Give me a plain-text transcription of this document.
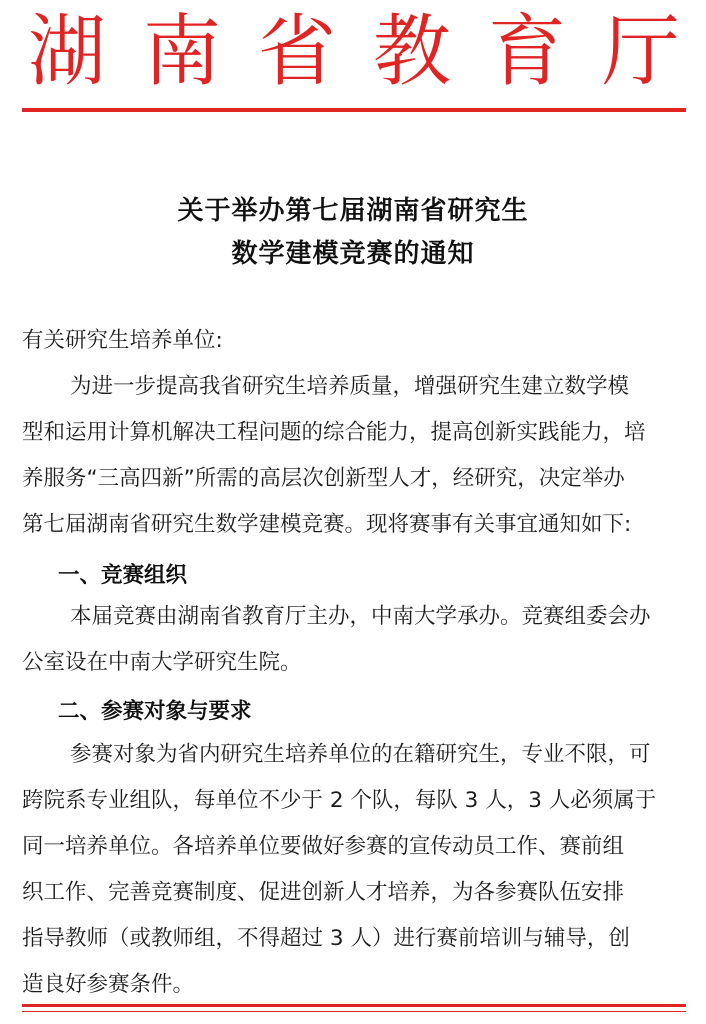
湖 南 省 教 育 厅
关于举办第七届湖南省研究生
数学建模竞赛的通知
有关研究生培养单位:
为进一步提高我省研究生培养质量，增强研究生建立数学模
型和运用计算机解决工程问题的综合能力，提高创新实践能力，培
养服务“三高四新”所需的高层次创新型人才，经研究，决定举办
第七届湖南省研究生数学建模竞赛。现将赛事有关事宜通知如下:
一、竞赛组织
本届竞赛由湖南省教育厅主办，中南大学承办。竞赛组委会办
公室设在中南大学研究生院。
二、参赛对象与要求
参赛对象为省内研究生培养单位的在籍研究生，专业不限，可
跨院系专业组队，每单位不少于 2 个队，每队 3 人，3 人必须属于
同一培养单位。各培养单位要做好参赛的宣传动员工作、赛前组
织工作、完善竞赛制度、促进创新人才培养，为各参赛队伍安排
指导教师（或教师组，不得超过 3 人）进行赛前培训与辅导，创
造良好参赛条件。
